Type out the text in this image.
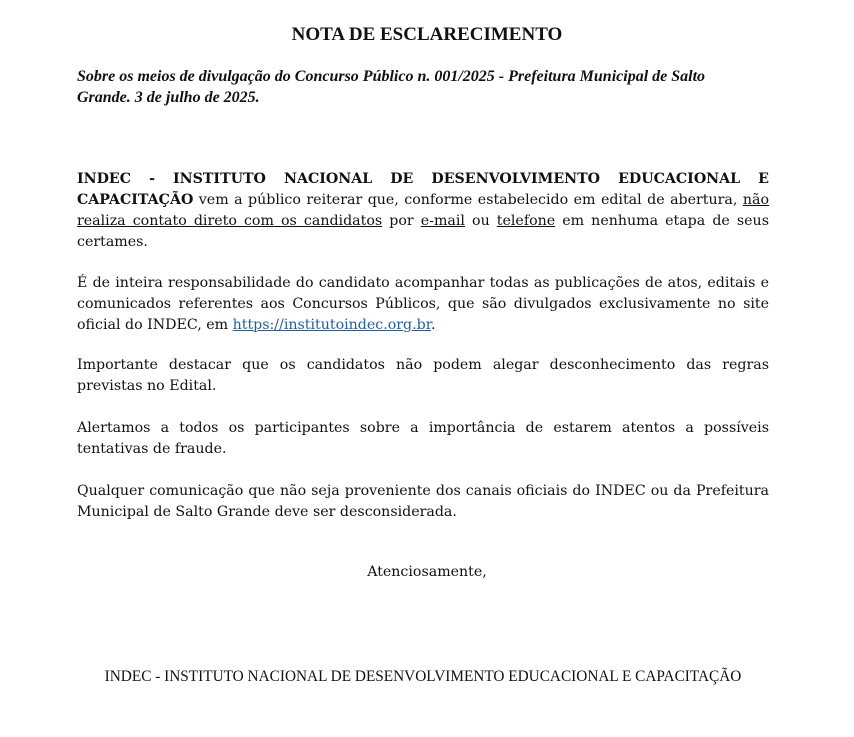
NOTA DE ESCLARECIMENTO

Sobre os meios de divulgação do Concurso Público n. 001/2025 - Prefeitura Municipal de Salto Grande. 3 de julho de 2025.

INDEC - INSTITUTO NACIONAL DE DESENVOLVIMENTO EDUCACIONAL E CAPACITAÇÃO vem a público reiterar que, conforme estabelecido em edital de abertura, não realiza contato direto com os candidatos por e-mail ou telefone em nenhuma etapa de seus certames.

É de inteira responsabilidade do candidato acompanhar todas as publicações de atos, editais e comunicados referentes aos Concursos Públicos, que são divulgados exclusivamente no site oficial do INDEC, em https://institutoindec.org.br.

Importante destacar que os candidatos não podem alegar desconhecimento das regras previstas no Edital.

Alertamos a todos os participantes sobre a importância de estarem atentos a possíveis tentativas de fraude.

Qualquer comunicação que não seja proveniente dos canais oficiais do INDEC ou da Prefeitura Municipal de Salto Grande deve ser desconsiderada.

Atenciosamente,

INDEC - INSTITUTO NACIONAL DE DESENVOLVIMENTO EDUCACIONAL E CAPACITAÇÃO
